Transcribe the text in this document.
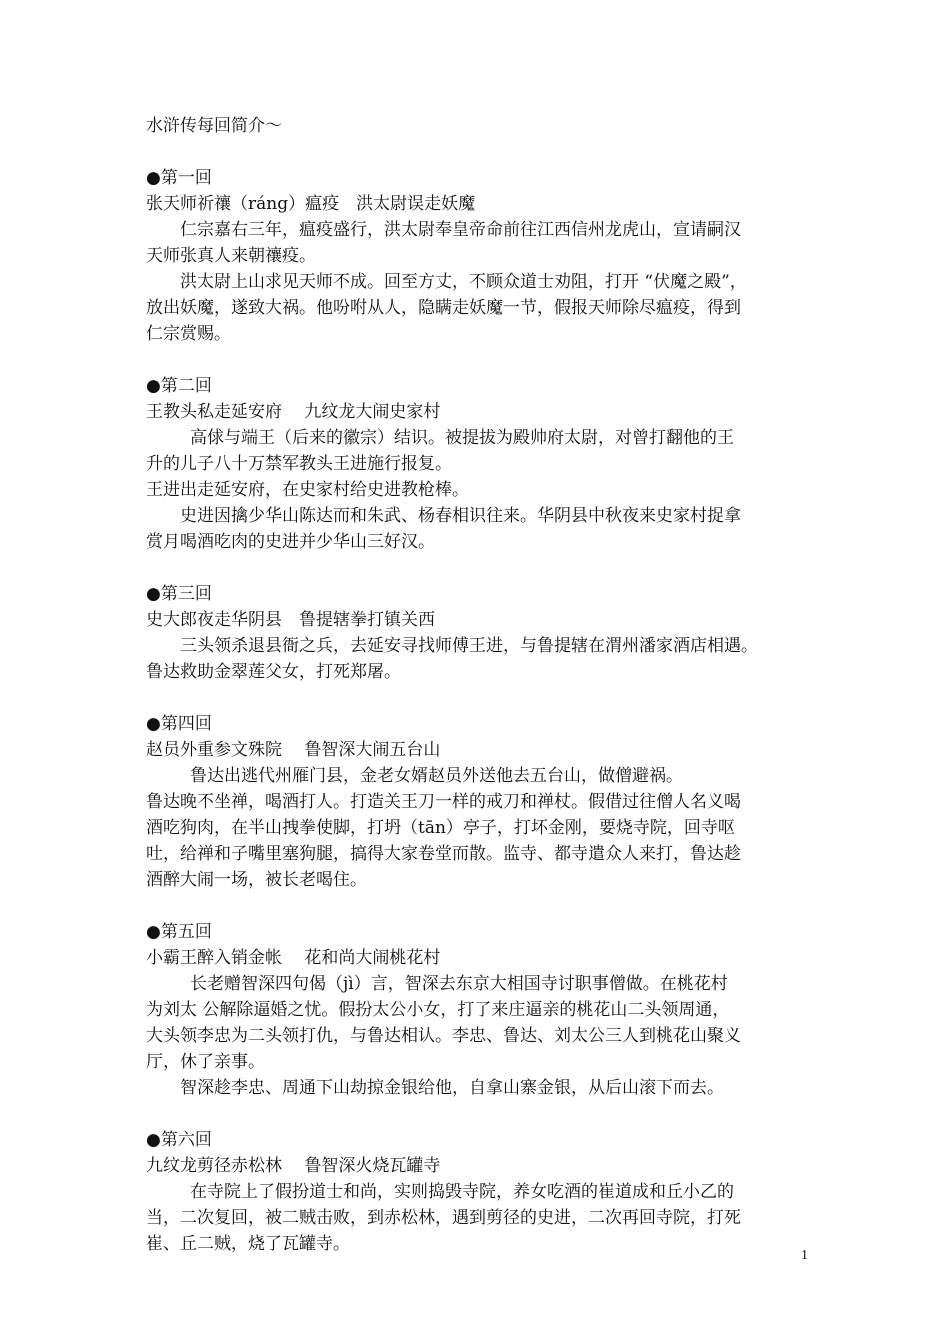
水浒传每回简介～
●第一回
张天师祈禳（ráng）瘟疫　洪太尉误走妖魔
仁宗嘉右三年，瘟疫盛行，洪太尉奉皇帝命前往江西信州龙虎山，宣请嗣汉
天师张真人来朝禳疫。
洪太尉上山求见天师不成。回至方丈，不顾众道士劝阻，打开 “伏魔之殿”，
放出妖魔，遂致大祸。他吩咐从人，隐瞒走妖魔一节，假报天师除尽瘟疫，得到
仁宗赏赐。
●第二回
王教头私走延安府　 九纹龙大闹史家村
高俅与端王（后来的徽宗）结识。被提拔为殿帅府太尉，对曾打翻他的王
升的儿子八十万禁军教头王进施行报复。
王进出走延安府，在史家村给史进教枪棒。
史进因擒少华山陈达而和朱武、杨春相识往来。华阴县中秋夜来史家村捉拿
赏月喝酒吃肉的史进并少华山三好汉。
●第三回
史大郎夜走华阴县　鲁提辖拳打镇关西
三头领杀退县衙之兵，去延安寻找师傅王进，与鲁提辖在渭州潘家酒店相遇。
鲁达救助金翠莲父女，打死郑屠。
●第四回
赵员外重参文殊院　 鲁智深大闹五台山
鲁达出逃代州雁门县，金老女婿赵员外送他去五台山，做僧避祸。
鲁达晚不坐禅，喝酒打人。打造关王刀一样的戒刀和禅杖。假借过往僧人名义喝
酒吃狗肉，在半山拽拳使脚，打坍（tān）亭子，打坏金刚，要烧寺院，回寺呕
吐，给禅和子嘴里塞狗腿，搞得大家卷堂而散。监寺、都寺遣众人来打，鲁达趁
酒醉大闹一场，被长老喝住。
●第五回
小霸王醉入销金帐　 花和尚大闹桃花村
长老赠智深四句偈（jì）言，智深去东京大相国寺讨职事僧做。在桃花村
为刘太 公解除逼婚之忧。假扮太公小女，打了来庄逼亲的桃花山二头领周通，
大头领李忠为二头领打仇，与鲁达相认。李忠、鲁达、刘太公三人到桃花山聚义
厅，休了亲事。
智深趁李忠、周通下山劫掠金银给他，自拿山寨金银，从后山滚下而去。
●第六回
九纹龙剪径赤松林　 鲁智深火烧瓦罐寺
在寺院上了假扮道士和尚，实则捣毁寺院，养女吃酒的崔道成和丘小乙的
当，二次复回，被二贼击败，到赤松林，遇到剪径的史进，二次再回寺院，打死
崔、丘二贼，烧了瓦罐寺。
1
